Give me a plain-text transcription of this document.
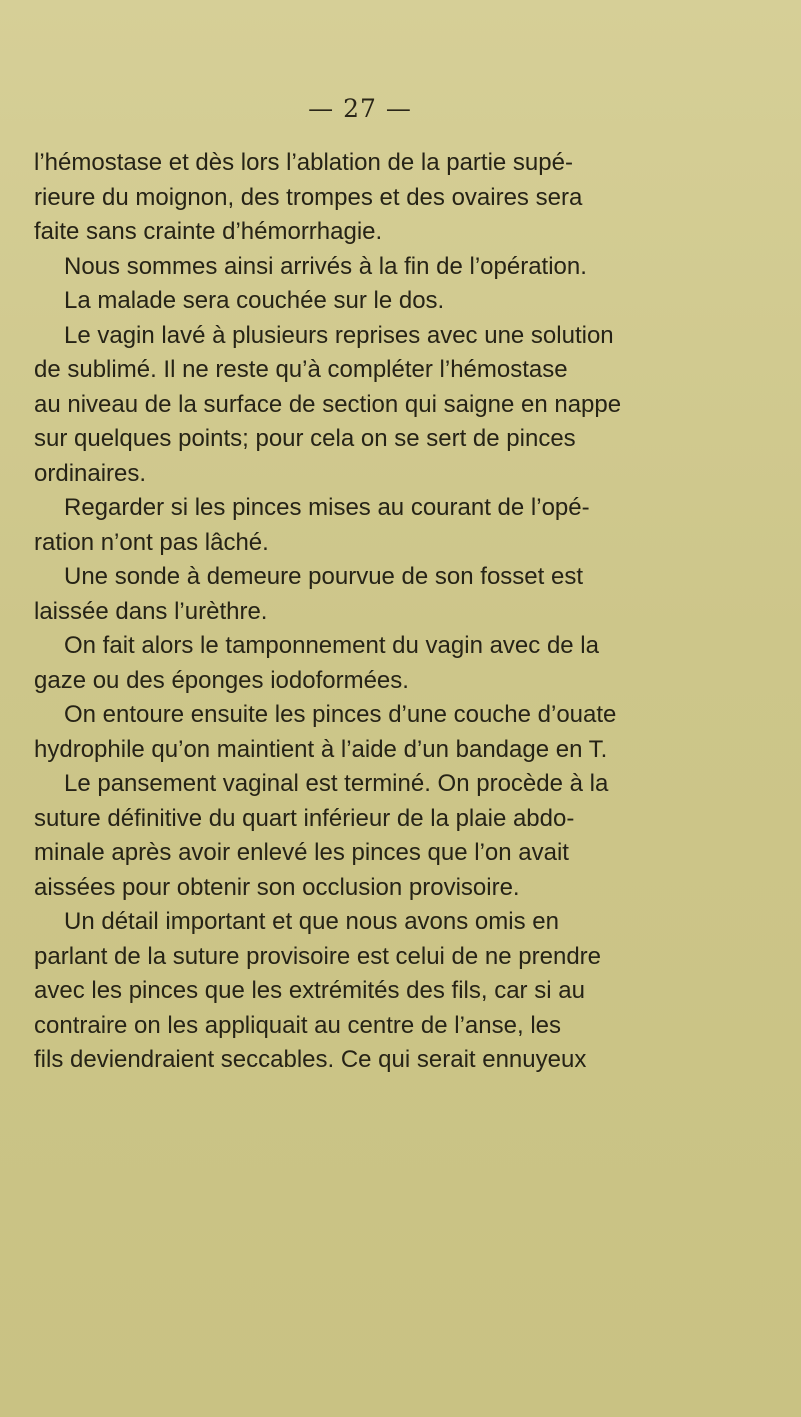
— 27 —
l’hémostase et dès lors l’ablation de la partie supé-
rieure du moignon, des trompes et des ovaires sera
faite sans crainte d’hémorrhagie.
Nous sommes ainsi arrivés à la fin de l’opération.
La malade sera couchée sur le dos.
Le vagin lavé à plusieurs reprises avec une solution
de sublimé. Il ne reste qu’à compléter l’hémostase
au niveau de la surface de section qui saigne en nappe
sur quelques points; pour cela on se sert de pinces
ordinaires.
Regarder si les pinces mises au courant de l’opé-
ration n’ont pas lâché.
Une sonde à demeure pourvue de son fosset est
laissée dans l’urèthre.
On fait alors le tamponnement du vagin avec de la
gaze ou des éponges iodoformées.
On entoure ensuite les pinces d’une couche d’ouate
hydrophile qu’on maintient à l’aide d’un bandage en T.
Le pansement vaginal est terminé. On procède à la
suture définitive du quart inférieur de la plaie abdo-
minale après avoir enlevé les pinces que l’on avait
aissées pour obtenir son occlusion provisoire.
Un détail important et que nous avons omis en
parlant de la suture provisoire est celui de ne prendre
avec les pinces que les extrémités des fils, car si au
contraire on les appliquait au centre de l’anse, les
fils deviendraient seccables. Ce qui serait ennuyeux
